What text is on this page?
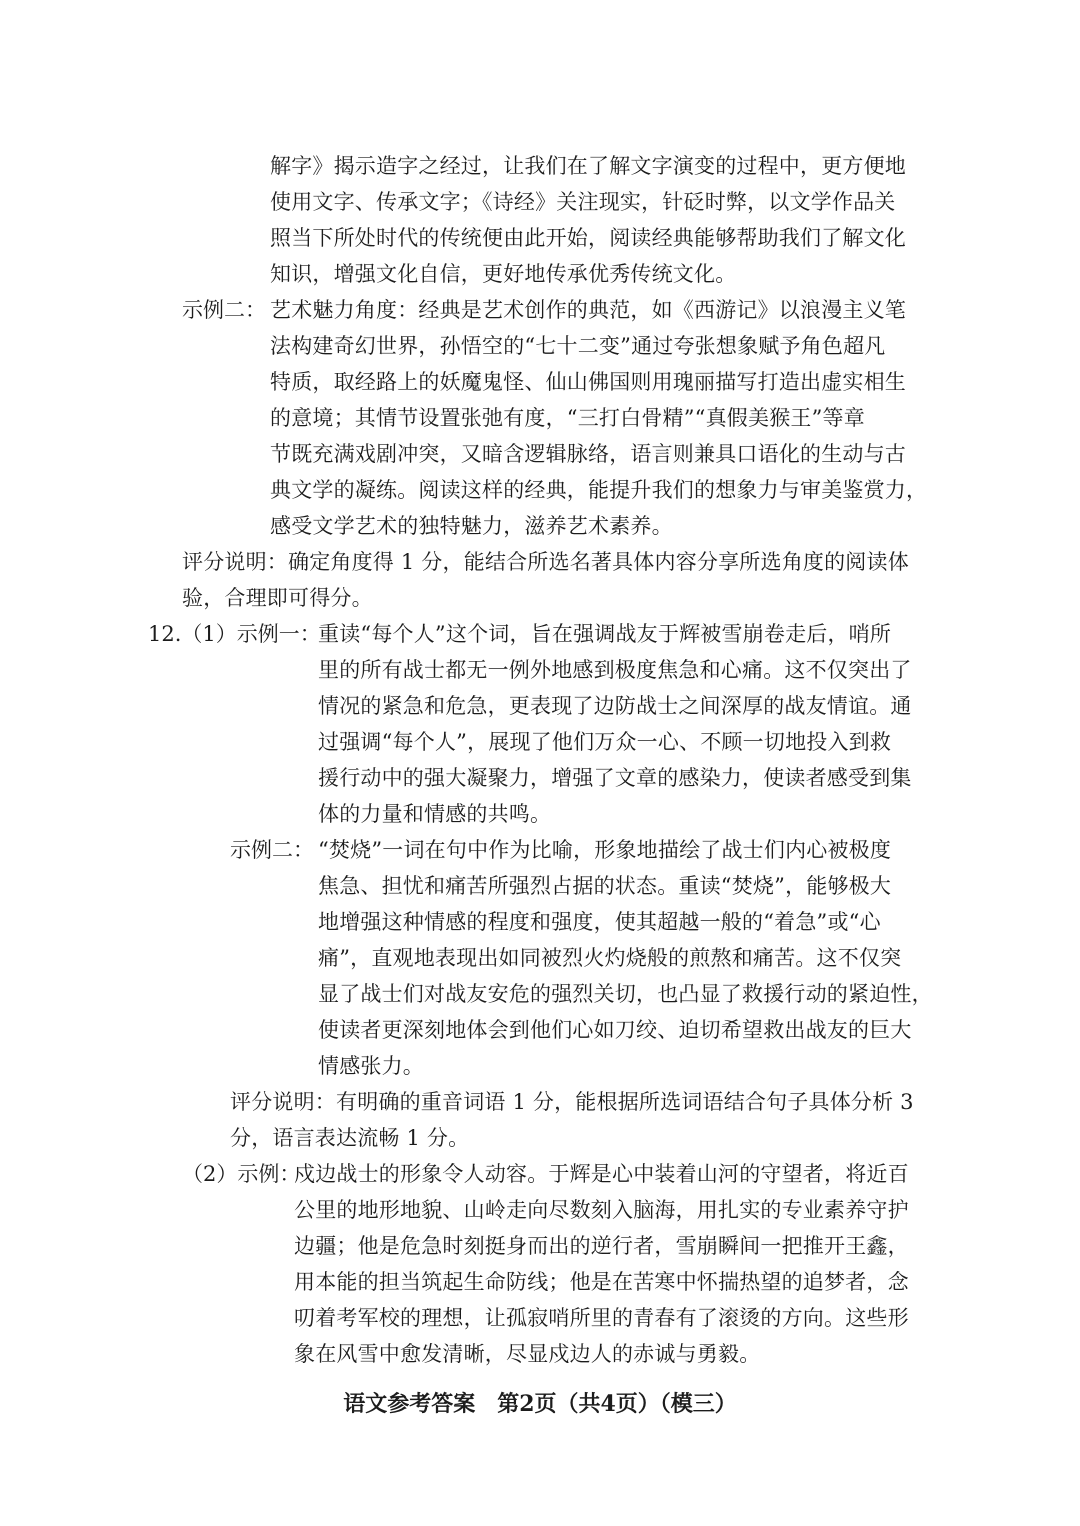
解字》揭示造字之经过，让我们在了解文字演变的过程中，更方便地
使用文字、传承文字；《诗经》关注现实，针砭时弊，以文学作品关
照当下所处时代的传统便由此开始，阅读经典能够帮助我们了解文化
知识，增强文化自信，更好地传承优秀传统文化。
示例二： 艺术魅力角度：经典是艺术创作的典范，如《西游记》以浪漫主义笔
法构建奇幻世界，孙悟空的“七十二变”通过夸张想象赋予角色超凡
特质，取经路上的妖魔鬼怪、仙山佛国则用瑰丽描写打造出虚实相生
的意境；其情节设置张弛有度，“三打白骨精”“真假美猴王”等章
节既充满戏剧冲突，又暗含逻辑脉络，语言则兼具口语化的生动与古
典文学的凝练。阅读这样的经典，能提升我们的想象力与审美鉴赏力，
感受文学艺术的独特魅力，滋养艺术素养。
评分说明：确定角度得 1 分，能结合所选名著具体内容分享所选角度的阅读体
验，合理即可得分。
12.（1）示例一：
重读“每个人”这个词，旨在强调战友于辉被雪崩卷走后，哨所
里的所有战士都无一例外地感到极度焦急和心痛。这不仅突出了
情况的紧急和危急，更表现了边防战士之间深厚的战友情谊。通
过强调“每个人”，展现了他们万众一心、不顾一切地投入到救
援行动中的强大凝聚力，增强了文章的感染力，使读者感受到集
体的力量和情感的共鸣。
示例二： “焚烧”一词在句中作为比喻，形象地描绘了战士们内心被极度
焦急、担忧和痛苦所强烈占据的状态。重读“焚烧”，能够极大
地增强这种情感的程度和强度，使其超越一般的“着急”或“心
痛”，直观地表现出如同被烈火灼烧般的煎熬和痛苦。这不仅突
显了战士们对战友安危的强烈关切，也凸显了救援行动的紧迫性，
使读者更深刻地体会到他们心如刀绞、迫切希望救出战友的巨大
情感张力。
评分说明：有明确的重音词语 1 分，能根据所选词语结合句子具体分析 3
分，语言表达流畅 1 分。
（2）示例：
戍边战士的形象令人动容。于辉是心中装着山河的守望者，将近百
公里的地形地貌、山岭走向尽数刻入脑海，用扎实的专业素养守护
边疆；他是危急时刻挺身而出的逆行者，雪崩瞬间一把推开王鑫，
用本能的担当筑起生命防线；他是在苦寒中怀揣热望的追梦者，念
叨着考军校的理想，让孤寂哨所里的青春有了滚烫的方向。这些形
象在风雪中愈发清晰，尽显戍边人的赤诚与勇毅。
语文参考答案　第2页（共4页）（模三）
